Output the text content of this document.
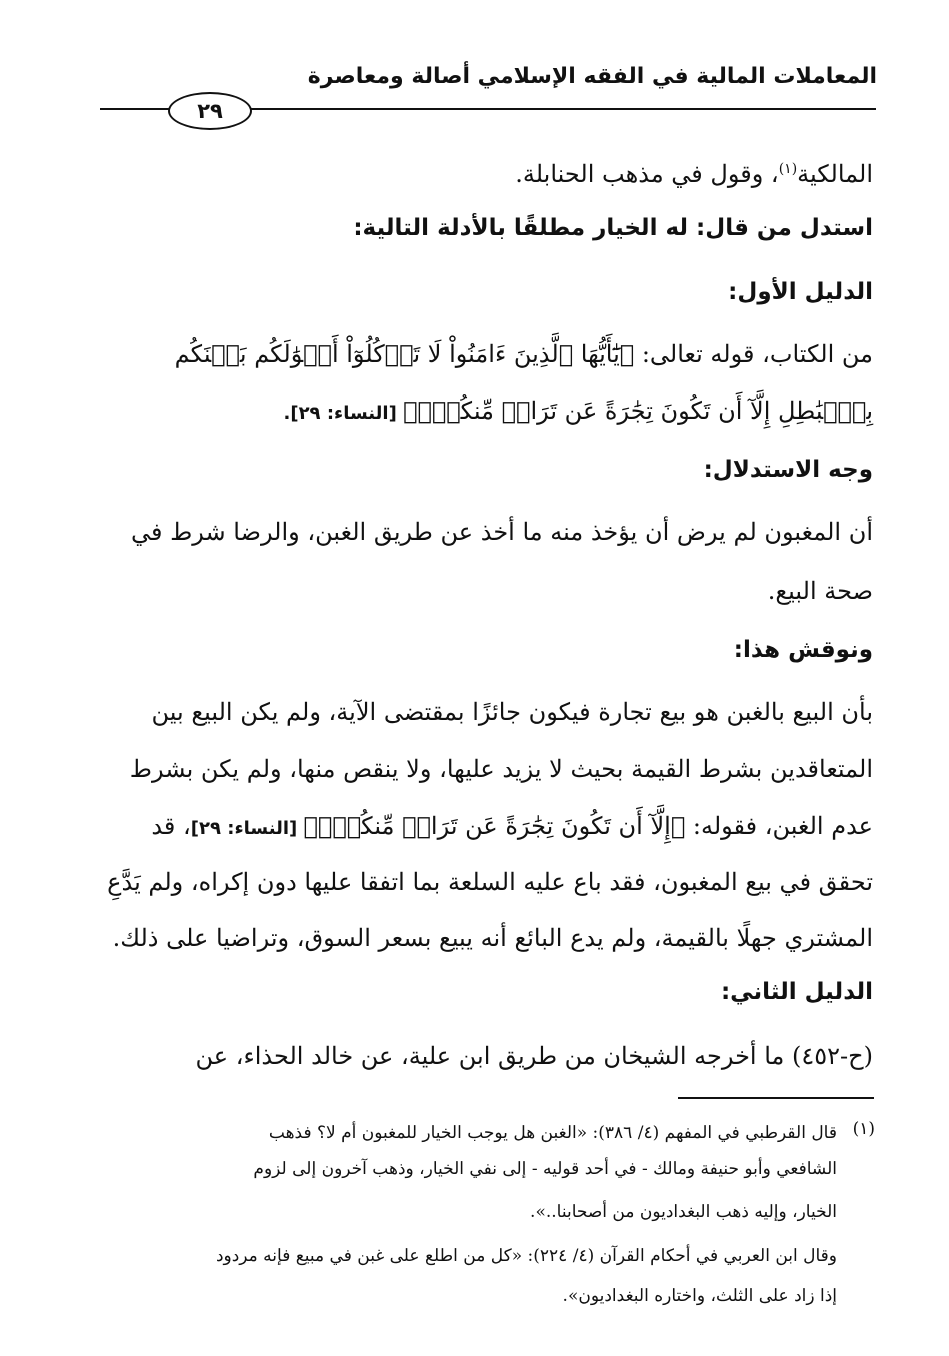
المعاملات المالية في الفقه الإسلامي أصالة ومعاصرة
٢٩
المالكية$^{(١)}$، وقول في مذهب الحنابلة.
استدل من قال: له الخيار مطلقًا بالأدلة التالية:
الدليل الأول:
من الكتاب، قوله تعالى: ﴿يَٰٓأَيُّهَا ٱلَّذِينَ ءَامَنُواْ لَا تَأۡكُلُوٓاْ أَمۡوَٰلَكُم بَيۡنَكُم
بِٱلۡبَٰطِلِ إِلَّآ أَن تَكُونَ تِجَٰرَةً عَن تَرَاضٖ مِّنكُمۡۚ﴾ [النساء: ٢٩].
وجه الاستدلال:
أن المغبون لم يرض أن يؤخذ منه ما أخذ عن طريق الغبن، والرضا شرط في
صحة البيع.
ونوقش هذا:
بأن البيع بالغبن هو بيع تجارة فيكون جائزًا بمقتضى الآية، ولم يكن البيع بين
المتعاقدين بشرط القيمة بحيث لا يزيد عليها، ولا ينقص منها، ولم يكن بشرط
عدم الغبن، فقوله: ﴿إِلَّآ أَن تَكُونَ تِجَٰرَةً عَن تَرَاضٖ مِّنكُمۡۚ﴾ [النساء: ٢٩]، قد
تحقق في بيع المغبون، فقد باع عليه السلعة بما اتفقا عليها دون إكراه، ولم يَدَّعِ
المشتري جهلًا بالقيمة، ولم يدع البائع أنه يبيع بسعر السوق، وتراضيا على ذلك.
الدليل الثاني:
(ح-٤٥٢) ما أخرجه الشيخان من طريق ابن علية، عن خالد الحذاء، عن
(١)
قال القرطبي في المفهم (٤/ ٣٨٦): «الغبن هل يوجب الخيار للمغبون أم لا؟ فذهب
الشافعي وأبو حنيفة ومالك - في أحد قوليه - إلى نفي الخيار، وذهب آخرون إلى لزوم
الخيار، وإليه ذهب البغداديون من أصحابنا..».
وقال ابن العربي في أحكام القرآن (٤/ ٢٢٤): «كل من اطلع على غبن في مبيع فإنه مردود
إذا زاد على الثلث، واختاره البغداديون».
